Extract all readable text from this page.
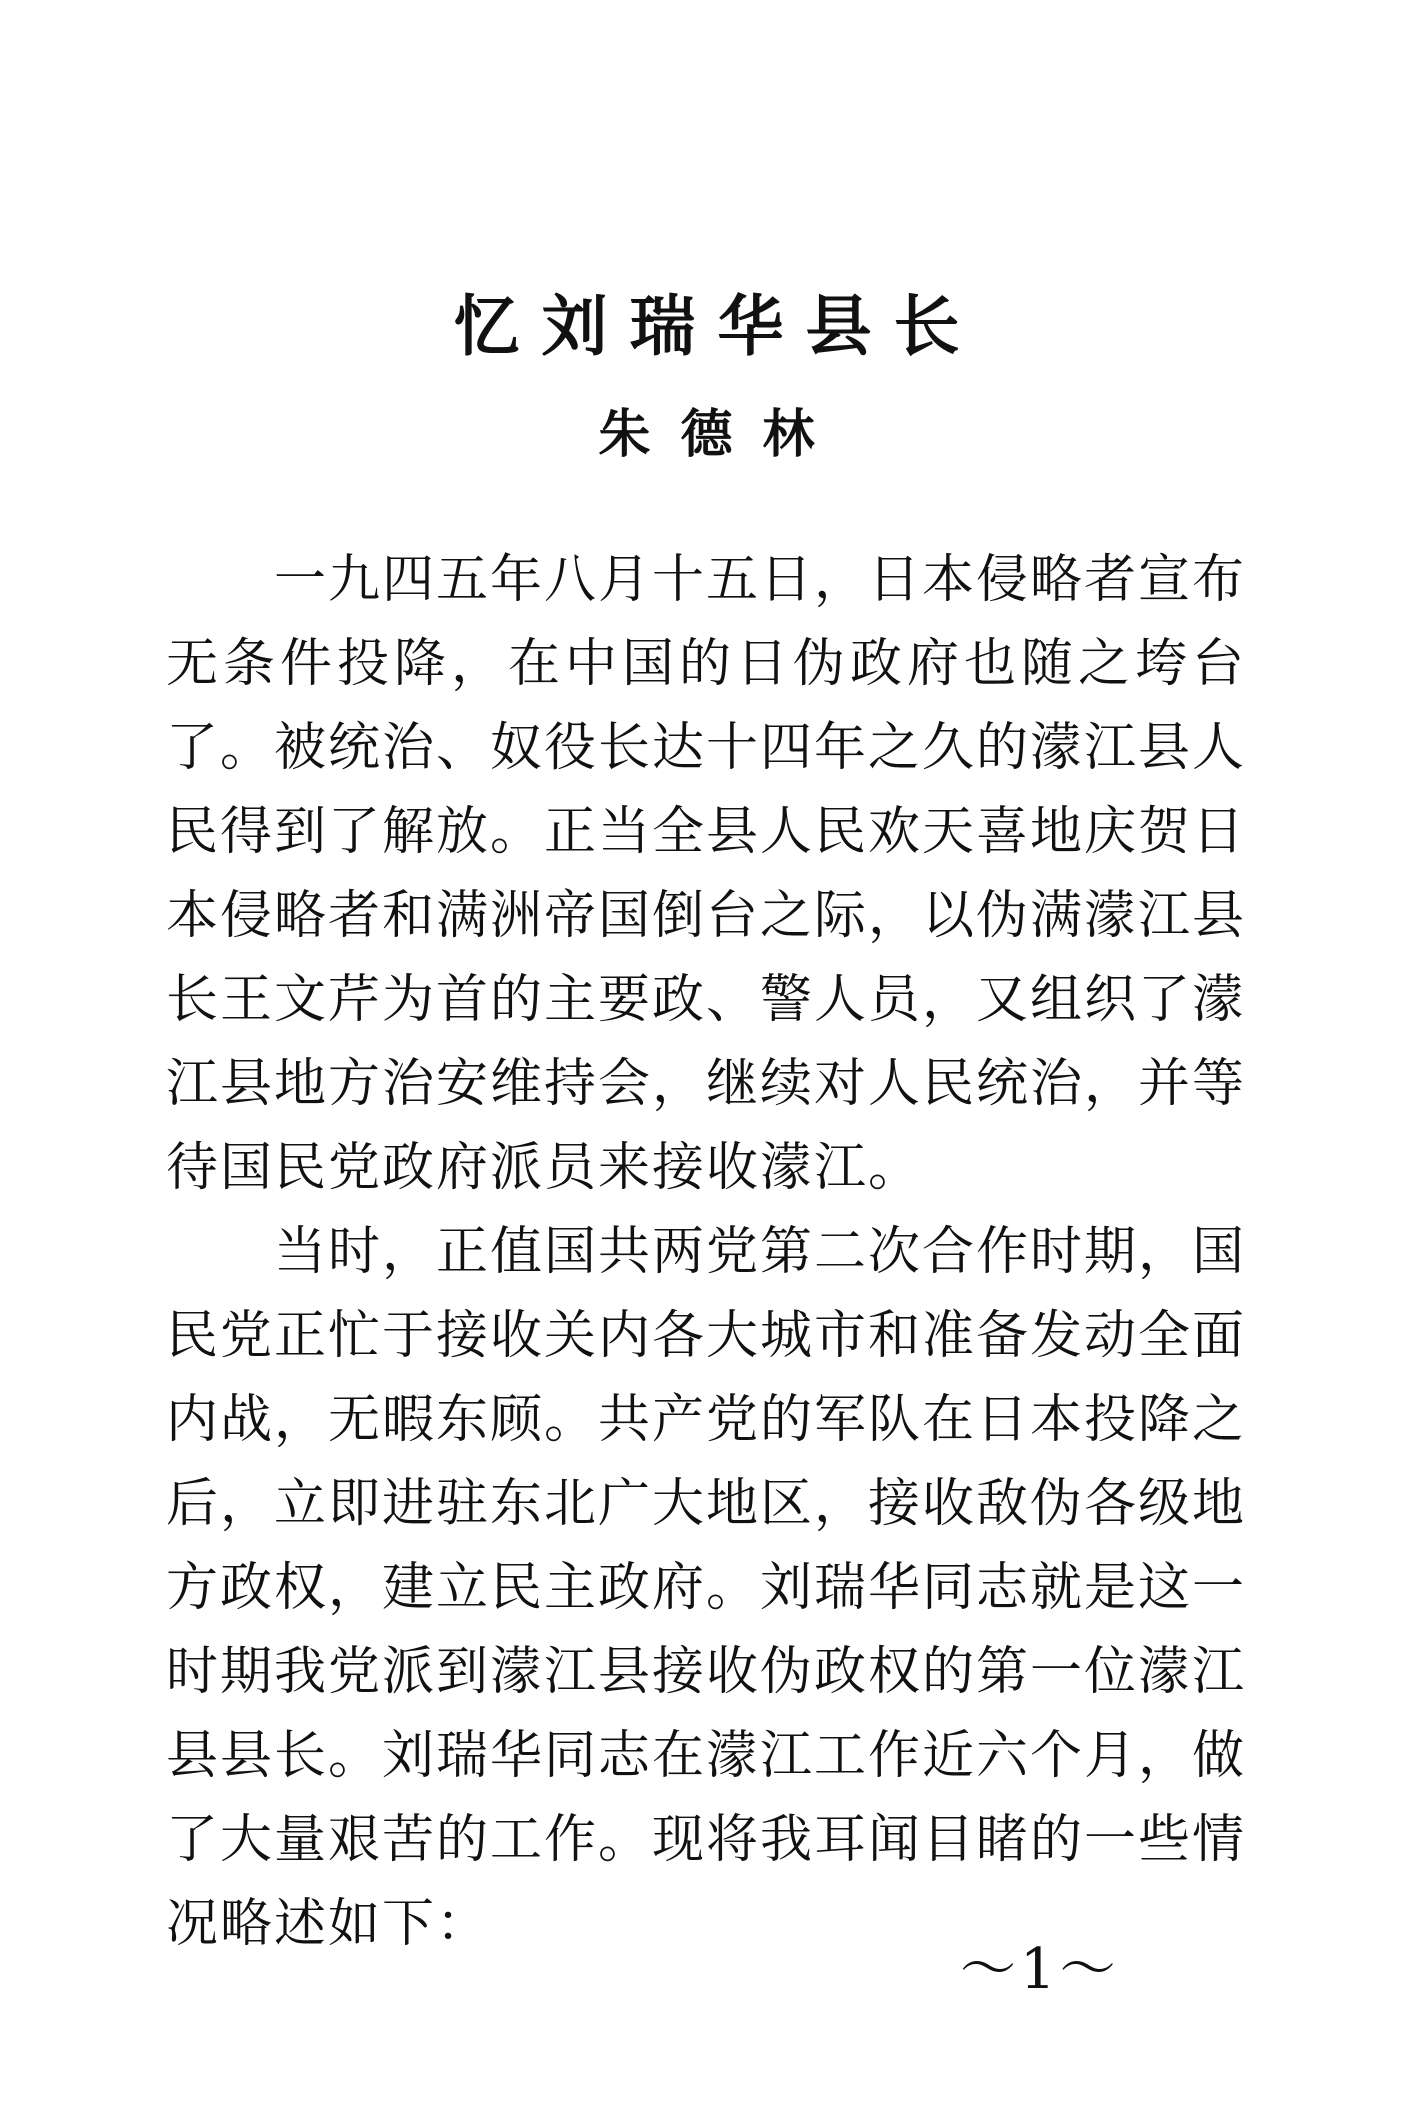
忆刘瑞华县长
朱德林

一九四五年八月十五日，日本侵略者宣布无条件投降，在中国的日伪政府也随之垮台了。被统治、奴役长达十四年之久的濛江县人民得到了解放。正当全县人民欢天喜地庆贺日本侵略者和满洲帝国倒台之际，以伪满濛江县长王文芹为首的主要政、警人员，又组织了濛江县地方治安维持会，继续对人民统治，并等待国民党政府派员来接收濛江。

当时，正值国共两党第二次合作时期，国民党正忙于接收关内各大城市和准备发动全面内战，无暇东顾。共产党的军队在日本投降之后，立即进驻东北广大地区，接收敌伪各级地方政权，建立民主政府。刘瑞华同志就是这一时期我党派到濛江县接收伪政权的第一位濛江县县长。刘瑞华同志在濛江工作近六个月，做了大量艰苦的工作。现将我耳闻目睹的一些情况略述如下：

～1～
